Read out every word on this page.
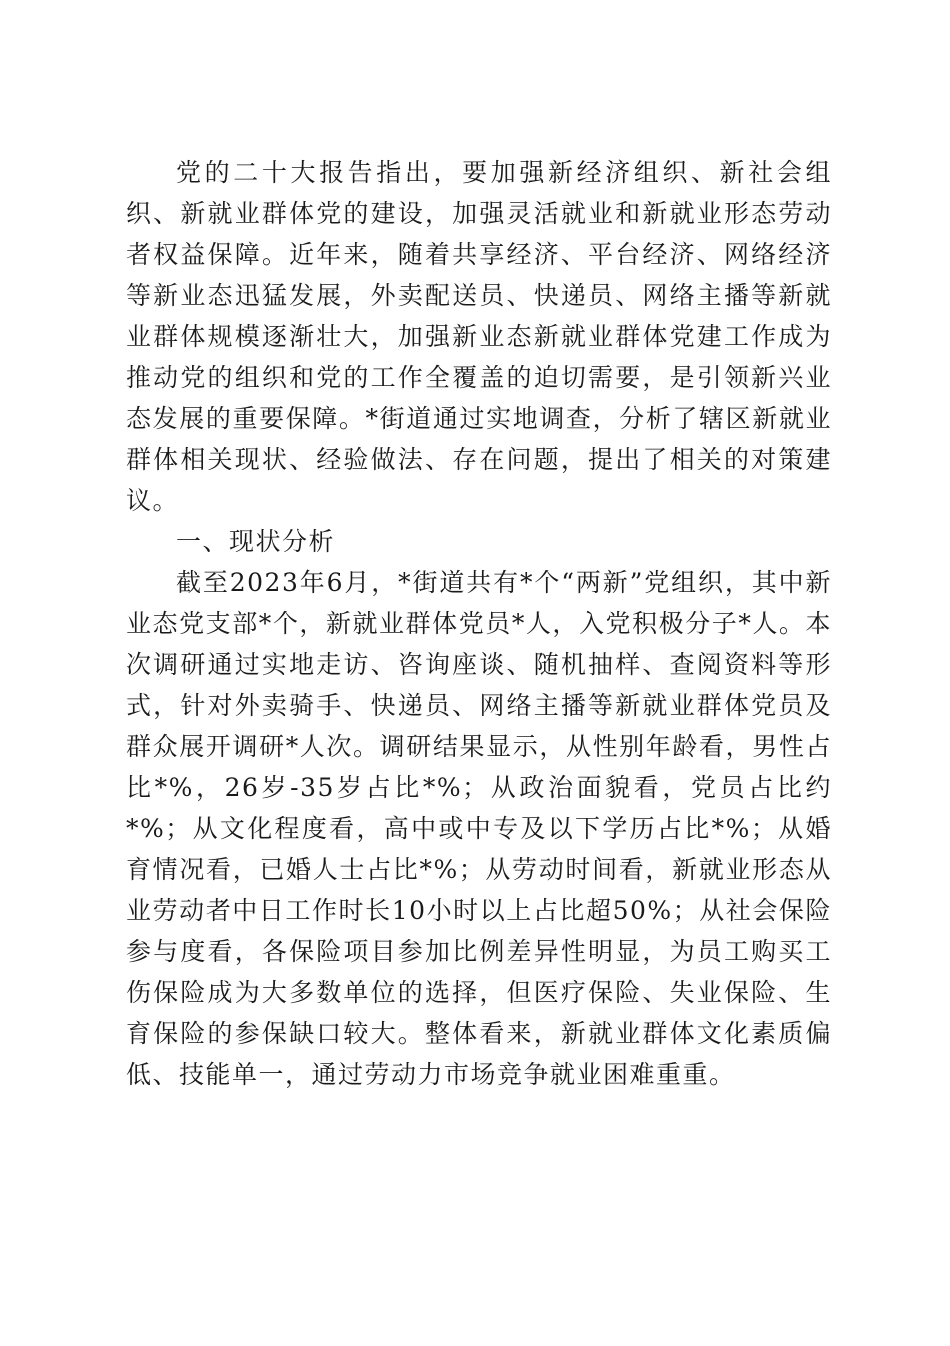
党的二十大报告指出，要加强新经济组织、新社会组织、新就业群体党的建设，加强灵活就业和新就业形态劳动者权益保障。近年来，随着共享经济、平台经济、网络经济等新业态迅猛发展，外卖配送员、快递员、网络主播等新就业群体规模逐渐壮大，加强新业态新就业群体党建工作成为推动党的组织和党的工作全覆盖的迫切需要，是引领新兴业态发展的重要保障。*街道通过实地调查，分析了辖区新就业群体相关现状、经验做法、存在问题，提出了相关的对策建议。

一、现状分析

截至2023年6月，*街道共有*个“两新”党组织，其中新业态党支部*个，新就业群体党员*人，入党积极分子*人。本次调研通过实地走访、咨询座谈、随机抽样、查阅资料等形式，针对外卖骑手、快递员、网络主播等新就业群体党员及群众展开调研*人次。调研结果显示，从性别年龄看，男性占比*%，26岁-35岁占比*%；从政治面貌看，党员占比约*%；从文化程度看，高中或中专及以下学历占比*%；从婚育情况看，已婚人士占比*%；从劳动时间看，新就业形态从业劳动者中日工作时长10小时以上占比超50%；从社会保险参与度看，各保险项目参加比例差异性明显，为员工购买工伤保险成为大多数单位的选择，但医疗保险、失业保险、生育保险的参保缺口较大。整体看来，新就业群体文化素质偏低、技能单一，通过劳动力市场竞争就业困难重重。
